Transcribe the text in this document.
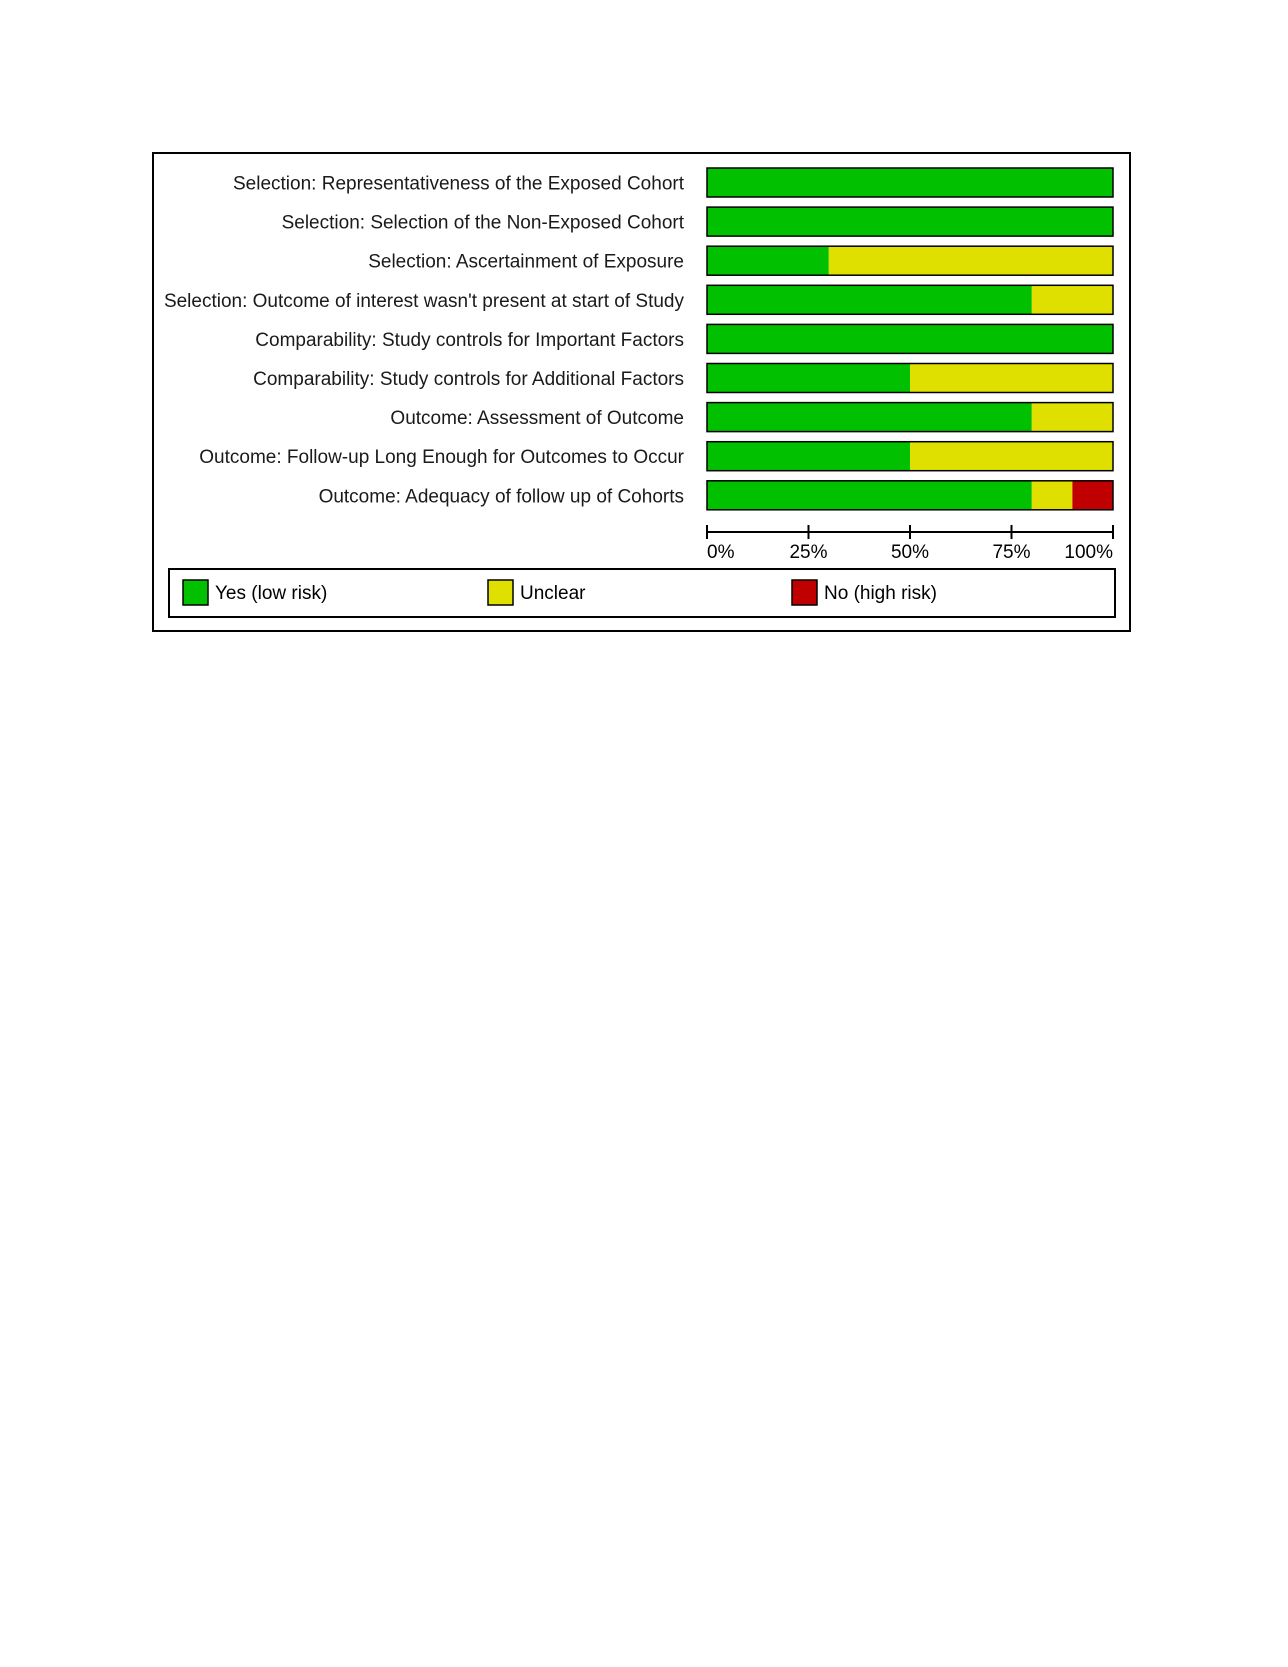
Selection: Representativeness of the Exposed Cohort
Selection: Selection of the Non-Exposed Cohort
Selection: Ascertainment of Exposure
Selection: Outcome of interest wasn't present at start of Study
Comparability: Study controls for Important Factors
Comparability: Study controls for Additional Factors
Outcome: Assessment of Outcome
Outcome: Follow-up Long Enough for Outcomes to Occur
Outcome: Adequacy of follow up of Cohorts
0%	25%	50%	75% 100%
Yes (low risk)	Unclear	No (high risk)
